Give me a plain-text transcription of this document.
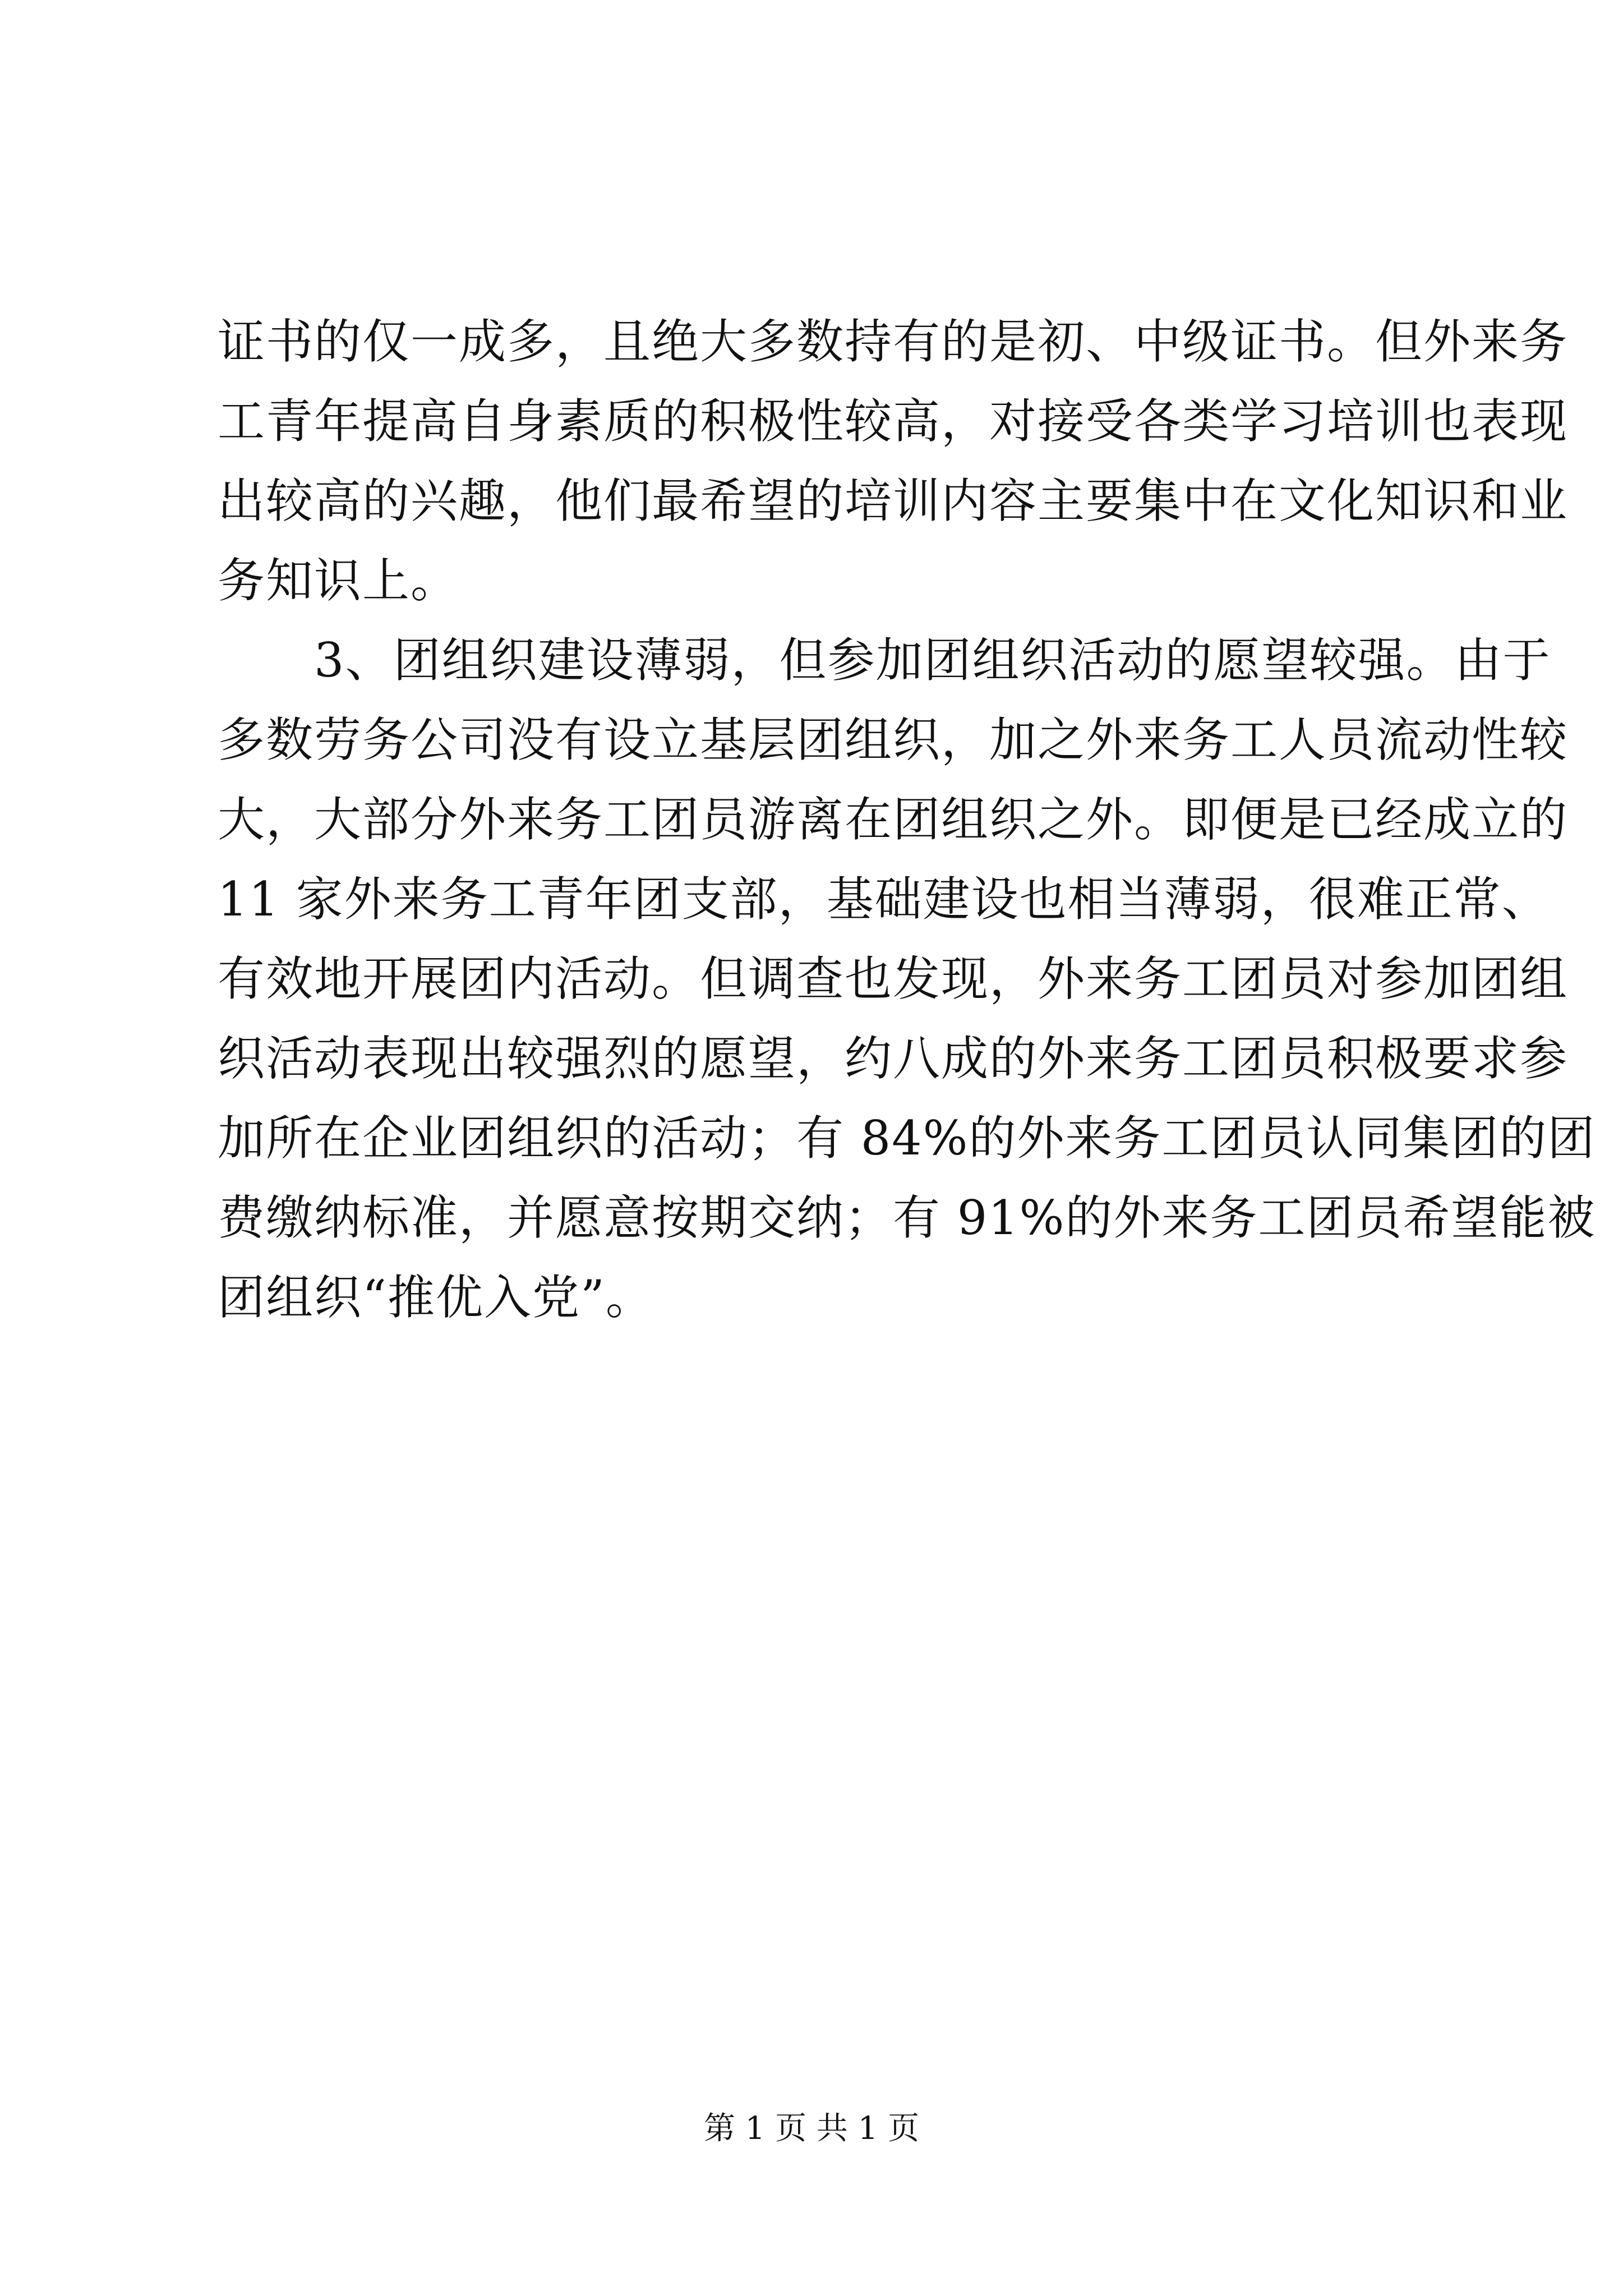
证书的仅一成多，且绝大多数持有的是初、中级证书。但外来务
工青年提高自身素质的积极性较高，对接受各类学习培训也表现
出较高的兴趣，他们最希望的培训内容主要集中在文化知识和业
务知识上。
　　3、团组织建设薄弱，但参加团组织活动的愿望较强。由于
多数劳务公司没有设立基层团组织，加之外来务工人员流动性较
大，大部分外来务工团员游离在团组织之外。即便是已经成立的
11 家外来务工青年团支部，基础建设也相当薄弱，很难正常、
有效地开展团内活动。但调查也发现，外来务工团员对参加团组
织活动表现出较强烈的愿望，约八成的外来务工团员积极要求参
加所在企业团组织的活动；有 84%的外来务工团员认同集团的团
费缴纳标准，并愿意按期交纳；有 91%的外来务工团员希望能被
团组织“推优入党”。
第 1 页 共 1 页
